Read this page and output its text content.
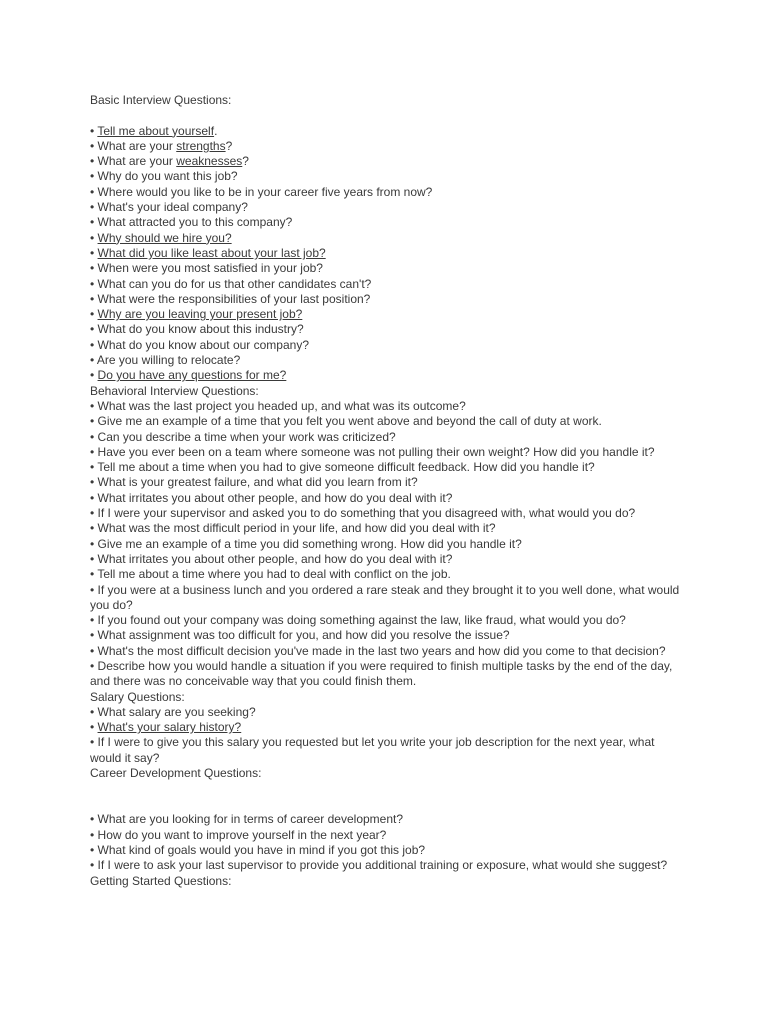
Basic Interview Questions:
• Tell me about yourself.
• What are your strengths?
• What are your weaknesses?
• Why do you want this job?
• Where would you like to be in your career five years from now?
• What's your ideal company?
• What attracted you to this company?
• Why should we hire you?
• What did you like least about your last job?
• When were you most satisfied in your job?
• What can you do for us that other candidates can't?
• What were the responsibilities of your last position?
• Why are you leaving your present job?
• What do you know about this industry?
• What do you know about our company?
• Are you willing to relocate?
• Do you have any questions for me?
Behavioral Interview Questions:
• What was the last project you headed up, and what was its outcome?
• Give me an example of a time that you felt you went above and beyond the call of duty at work.
• Can you describe a time when your work was criticized?
• Have you ever been on a team where someone was not pulling their own weight? How did you handle it?
• Tell me about a time when you had to give someone difficult feedback. How did you handle it?
• What is your greatest failure, and what did you learn from it?
• What irritates you about other people, and how do you deal with it?
• If I were your supervisor and asked you to do something that you disagreed with, what would you do?
• What was the most difficult period in your life, and how did you deal with it?
• Give me an example of a time you did something wrong. How did you handle it?
• What irritates you about other people, and how do you deal with it?
• Tell me about a time where you had to deal with conflict on the job.
• If you were at a business lunch and you ordered a rare steak and they brought it to you well done, what would you do?
• If you found out your company was doing something against the law, like fraud, what would you do?
• What assignment was too difficult for you, and how did you resolve the issue?
• What's the most difficult decision you've made in the last two years and how did you come to that decision?
• Describe how you would handle a situation if you were required to finish multiple tasks by the end of the day, and there was no conceivable way that you could finish them.
Salary Questions:
• What salary are you seeking?
• What's your salary history?
• If I were to give you this salary you requested but let you write your job description for the next year, what would it say?
Career Development Questions:
• What are you looking for in terms of career development?
• How do you want to improve yourself in the next year?
• What kind of goals would you have in mind if you got this job?
• If I were to ask your last supervisor to provide you additional training or exposure, what would she suggest?
Getting Started Questions:
